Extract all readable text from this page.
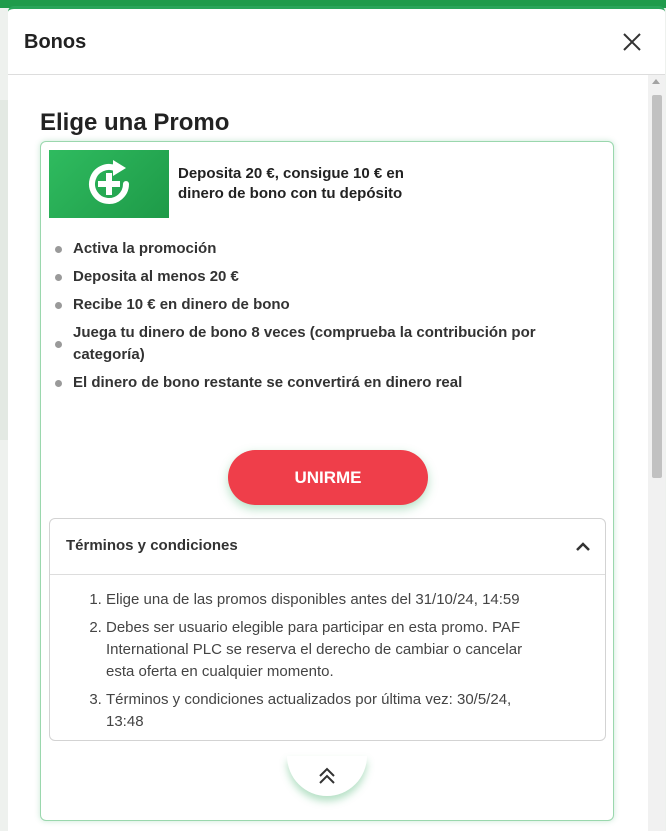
Bonos
Elige una Promo
Deposita 20 €, consigue 10 € en dinero de bono con tu depósito
Activa la promoción
Deposita al menos 20 €
Recibe 10 € en dinero de bono
Juega tu dinero de bono 8 veces (comprueba la contribución por categoría)
El dinero de bono restante se convertirá en dinero real
UNIRME
Términos y condiciones
1. Elige una de las promos disponibles antes del 31/10/24, 14:59
2. Debes ser usuario elegible para participar en esta promo. PAF International PLC se reserva el derecho de cambiar o cancelar esta oferta en cualquier momento.
3. Términos y condiciones actualizados por última vez: 30/5/24, 13:48
